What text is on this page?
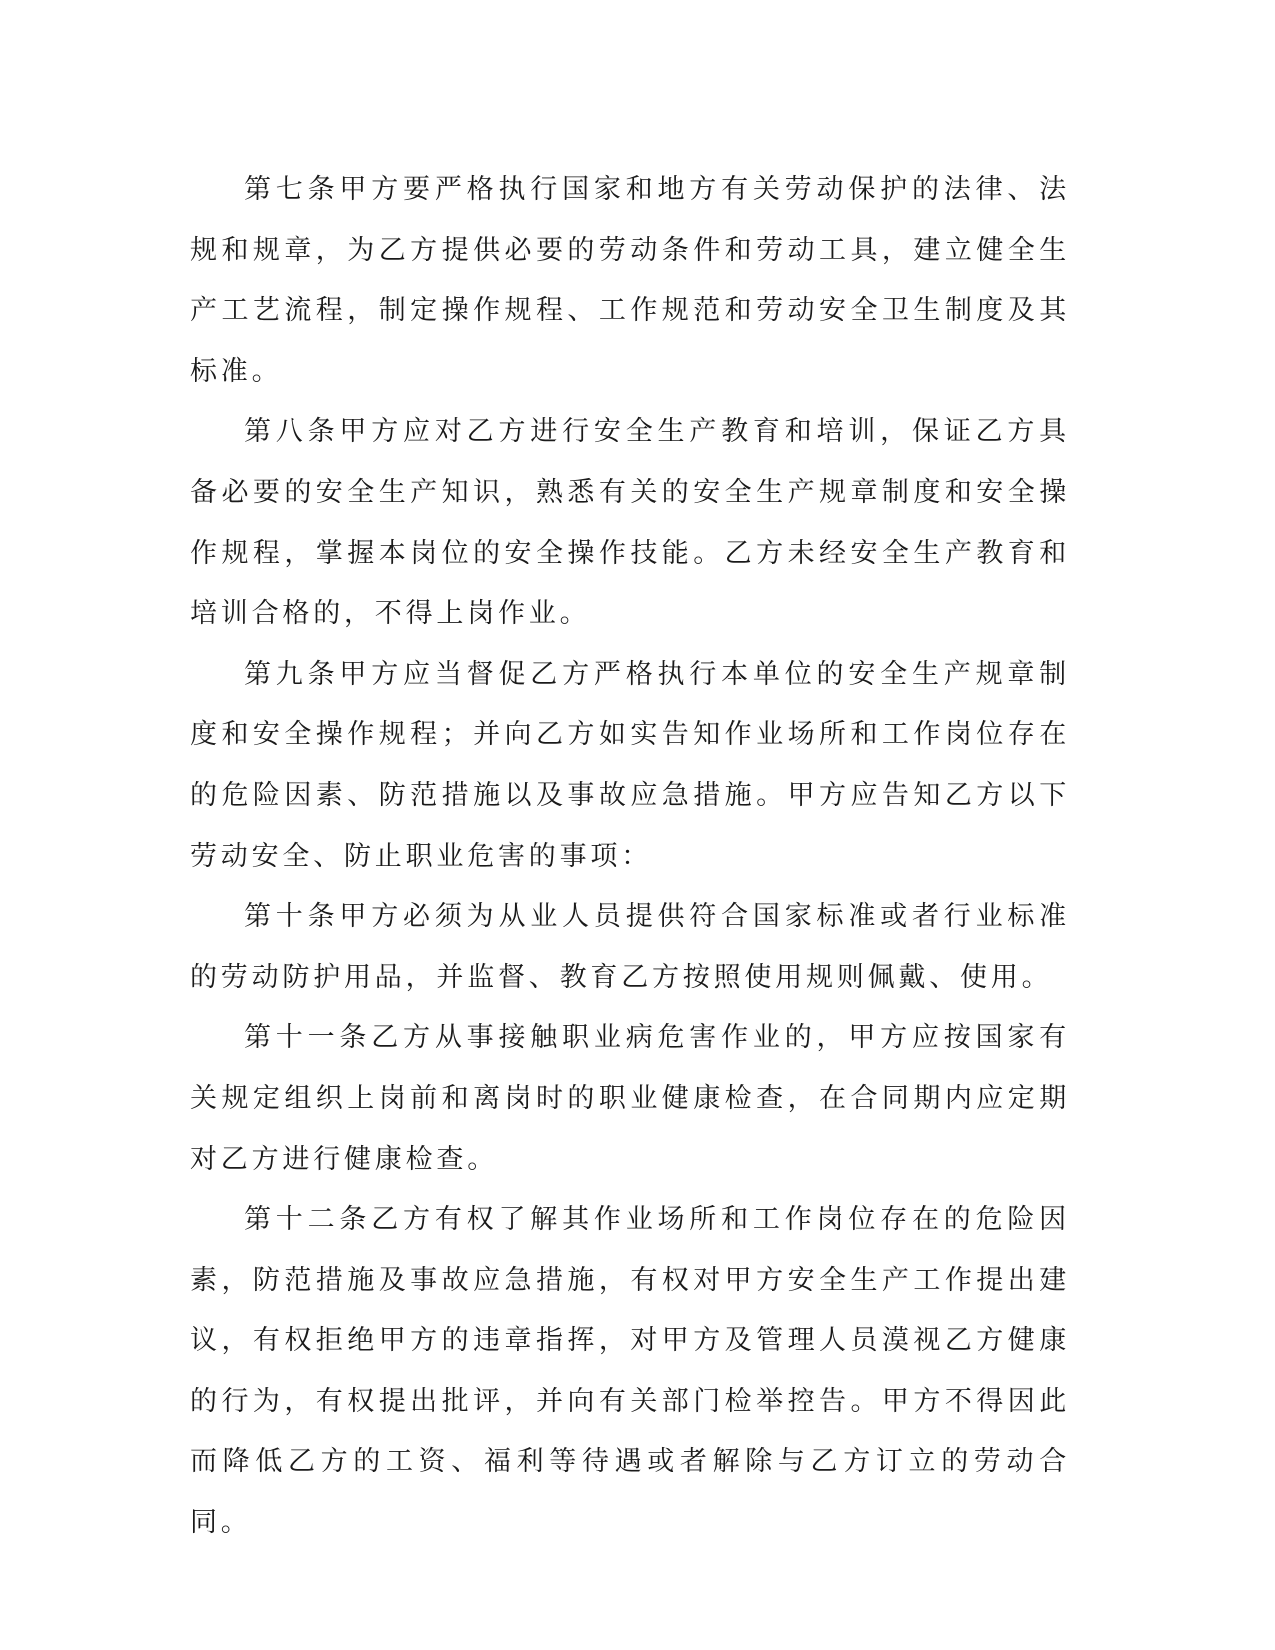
第七条甲方要严格执行国家和地方有关劳动保护的法律、法规和规章，为乙方提供必要的劳动条件和劳动工具，建立健全生产工艺流程，制定操作规程、工作规范和劳动安全卫生制度及其标准。

第八条甲方应对乙方进行安全生产教育和培训，保证乙方具备必要的安全生产知识，熟悉有关的安全生产规章制度和安全操作规程，掌握本岗位的安全操作技能。乙方未经安全生产教育和培训合格的，不得上岗作业。

第九条甲方应当督促乙方严格执行本单位的安全生产规章制度和安全操作规程；并向乙方如实告知作业场所和工作岗位存在的危险因素、防范措施以及事故应急措施。甲方应告知乙方以下劳动安全、防止职业危害的事项：

第十条甲方必须为从业人员提供符合国家标准或者行业标准的劳动防护用品，并监督、教育乙方按照使用规则佩戴、使用。

第十一条乙方从事接触职业病危害作业的，甲方应按国家有关规定组织上岗前和离岗时的职业健康检查，在合同期内应定期对乙方进行健康检查。

第十二条乙方有权了解其作业场所和工作岗位存在的危险因素，防范措施及事故应急措施，有权对甲方安全生产工作提出建议，有权拒绝甲方的违章指挥，对甲方及管理人员漠视乙方健康的行为，有权提出批评，并向有关部门检举控告。甲方不得因此而降低乙方的工资、福利等待遇或者解除与乙方订立的劳动合同。
